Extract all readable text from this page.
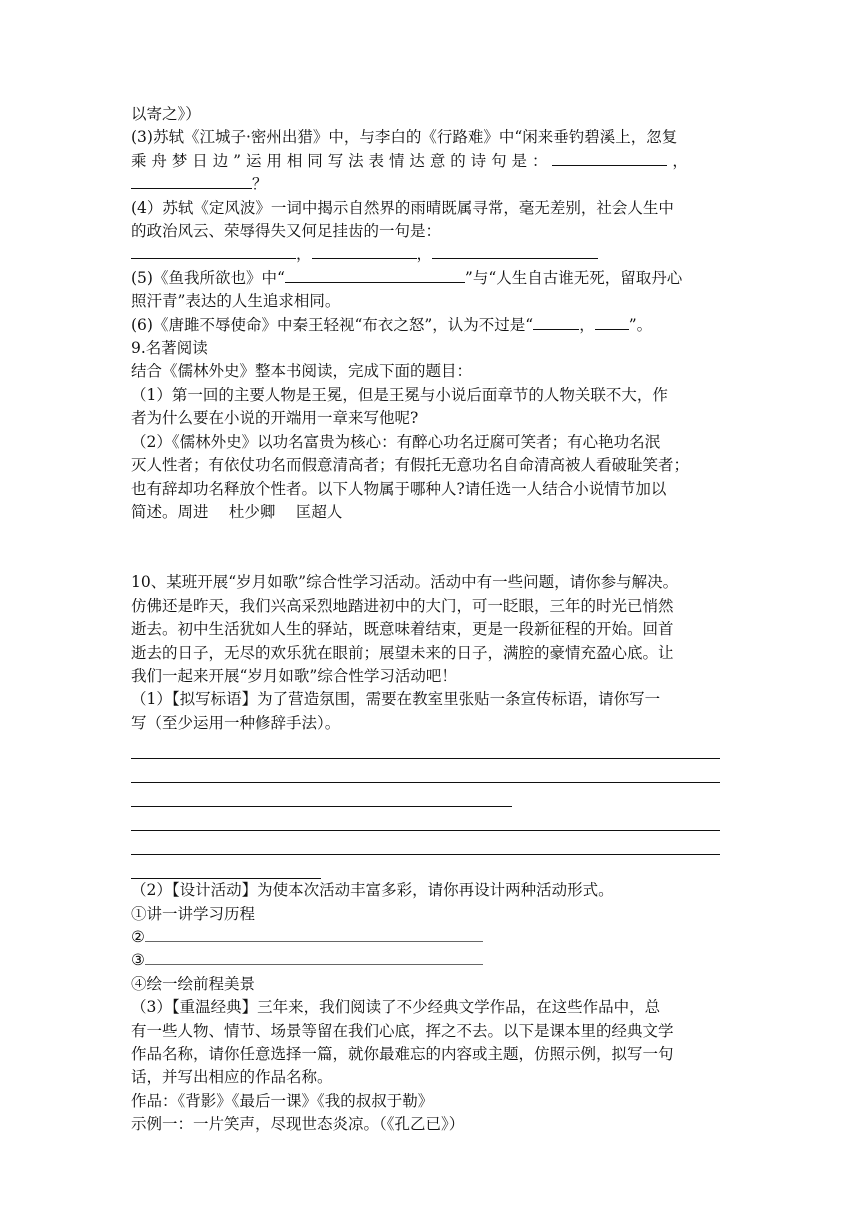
以寄之》）

(3)苏轼《江城子·密州出猎》中，与李白的《行路难》中“闲来垂钓碧溪上，忽复

乘 舟 梦 日 边 ” 运 用 相 同 写 法 表 情 达 意 的 诗 句 是 ：	，

？

(4）苏轼《定风波》一词中揭示自然界的雨晴既属寻常，毫无差别，社会人生中

的政治风云、荣辱得失又何足挂齿的一句是：

，	，

(5)《鱼我所欲也》中“	”与“人生自古谁无死，留取丹心

照汗青”表达的人生追求相同。

(6)《唐雎不辱使命》中秦王轻视“布衣之怒”，认为不过是“	， ”。

9.名著阅读

结合《儒林外史》整本书阅读，完成下面的题目：

（1）第一回的主要人物是王冕，但是王冕与小说后面章节的人物关联不大，作

者为什么要在小说的开端用一章来写他呢?

（2）《儒林外史》以功名富贵为核心：有醉心功名迂腐可笑者；有心艳功名泯

灭人性者；有依仗功名而假意清高者；有假托无意功名自命清高被人看破耻笑者；

也有辞却功名释放个性者。以下人物属于哪种人?请任选一人结合小说情节加以

简述。周进　 杜少卿　 匡超人

10、某班开展“岁月如歌”综合性学习活动。活动中有一些问题，请你参与解决。

仿佛还是昨天，我们兴高采烈地踏进初中的大门，可一眨眼，三年的时光已悄然

逝去。初中生活犹如人生的驿站，既意味着结束，更是一段新征程的开始。回首

逝去的日子，无尽的欢乐犹在眼前；展望未来的日子，满腔的豪情充盈心底。让

我们一起来开展“岁月如歌”综合性学习活动吧！

（1）【拟写标语】为了营造氛围，需要在教室里张贴一条宣传标语，请你写一

写（至少运用一种修辞手法）。

（2）【设计活动】为使本次活动丰富多彩，请你再设计两种活动形式。

①讲一讲学习历程

②

③

④绘一绘前程美景

（3）【重温经典】三年来，我们阅读了不少经典文学作品，在这些作品中，总

有一些人物、情节、场景等留在我们心底，挥之不去。以下是课本里的经典文学

作品名称，请你任意选择一篇，就你最难忘的内容或主题，仿照示例，拟写一句

话，并写出相应的作品名称。

作品：《背影》《最后一课》《我的叔叔于勒》

示例一：一片笑声，尽现世态炎凉。（《孔乙已》）
